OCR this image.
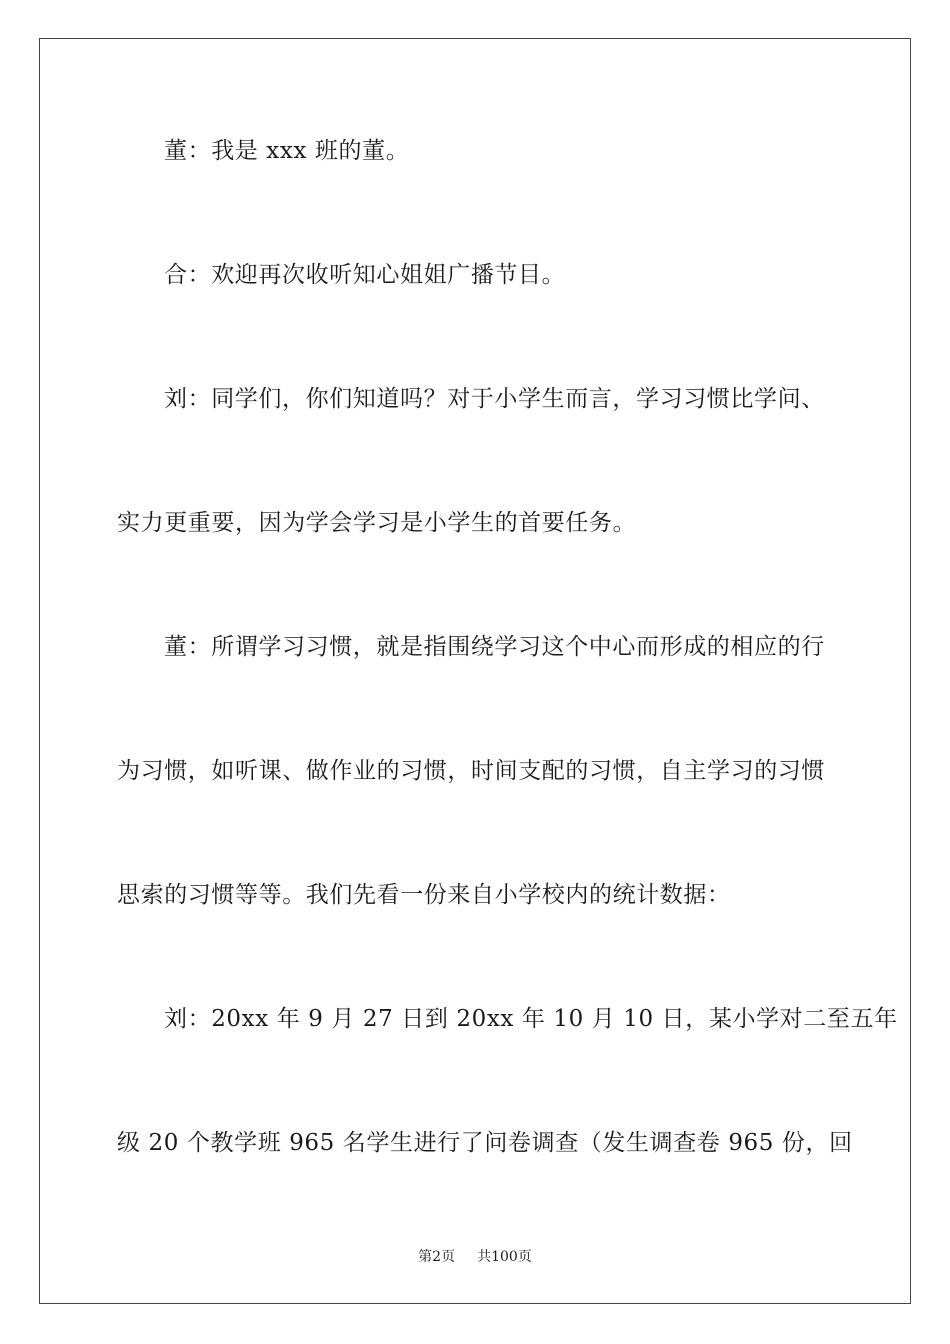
董：我是 xxx 班的董。
合：欢迎再次收听知心姐姐广播节目。
刘：同学们，你们知道吗？对于小学生而言，学习习惯比学问、
实力更重要，因为学会学习是小学生的首要任务。
董：所谓学习习惯，就是指围绕学习这个中心而形成的相应的行
为习惯，如听课、做作业的习惯，时间支配的习惯，自主学习的习惯
思索的习惯等等。我们先看一份来自小学校内的统计数据：
刘：20xx 年 9 月 27 日到 20xx 年 10 月 10 日，某小学对二至五年
级 20 个教学班 965 名学生进行了问卷调查（发生调查卷 965 份，回
第2页 共100页
